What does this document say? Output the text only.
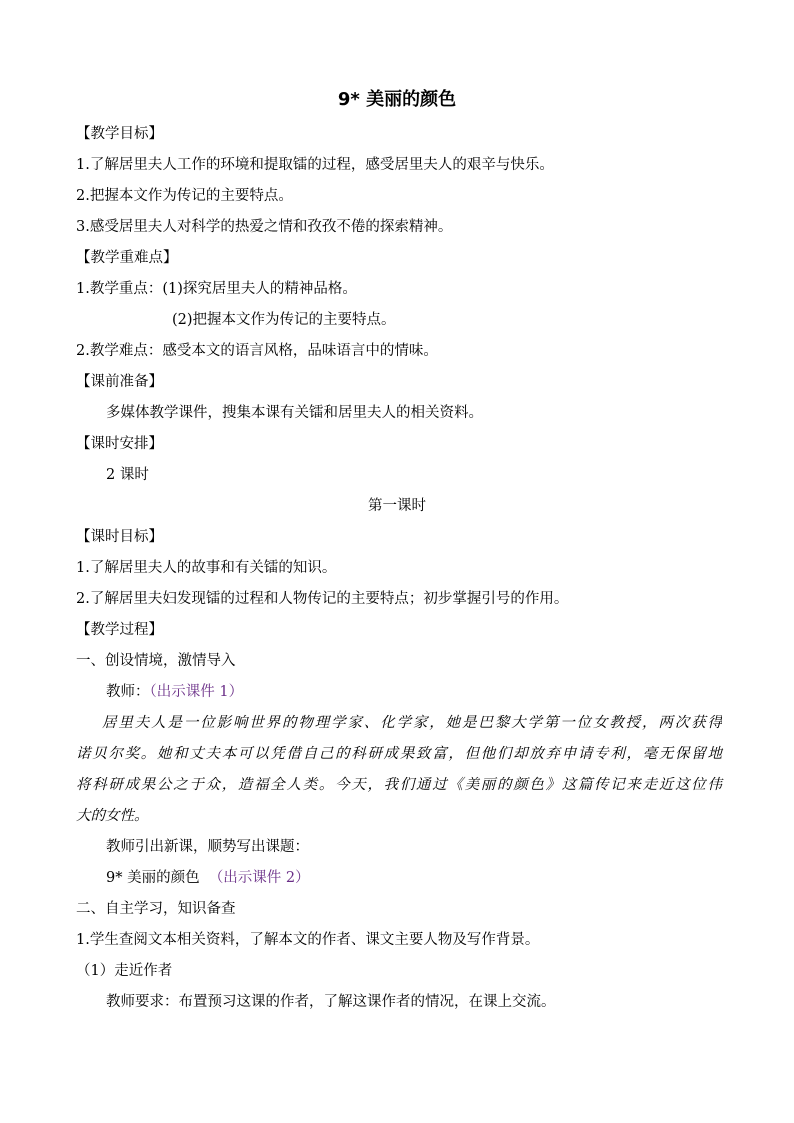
9* 美丽的颜色
【教学目标】
1.了解居里夫人工作的环境和提取镭的过程，感受居里夫人的艰辛与快乐。
2.把握本文作为传记的主要特点。
3.感受居里夫人对科学的热爱之情和孜孜不倦的探索精神。
【教学重难点】
1.教学重点：(1)探究居里夫人的精神品格。
(2)把握本文作为传记的主要特点。
2.教学难点：感受本文的语言风格，品味语言中的情味。
【课前准备】
多媒体教学课件，搜集本课有关镭和居里夫人的相关资料。
【课时安排】
2 课时
第一课时
【课时目标】
1.了解居里夫人的故事和有关镭的知识。
2.了解居里夫妇发现镭的过程和人物传记的主要特点；初步掌握引号的作用。
【教学过程】
一、创设情境，激情导入
教师：（出示课件 1）
居里夫人是一位影响世界的物理学家、化学家，她是巴黎大学第一位女教授，两次获得
诺贝尔奖。她和丈夫本可以凭借自己的科研成果致富，但他们却放弃申请专利，毫无保留地
将科研成果公之于众，造福全人类。今天，我们通过《美丽的颜色》这篇传记来走近这位伟
大的女性。
教师引出新课，顺势写出课题：
9* 美丽的颜色 （出示课件 2）
二、自主学习，知识备查
1.学生查阅文本相关资料，了解本文的作者、课文主要人物及写作背景。
（1）走近作者
教师要求：布置预习这课的作者，了解这课作者的情况，在课上交流。
